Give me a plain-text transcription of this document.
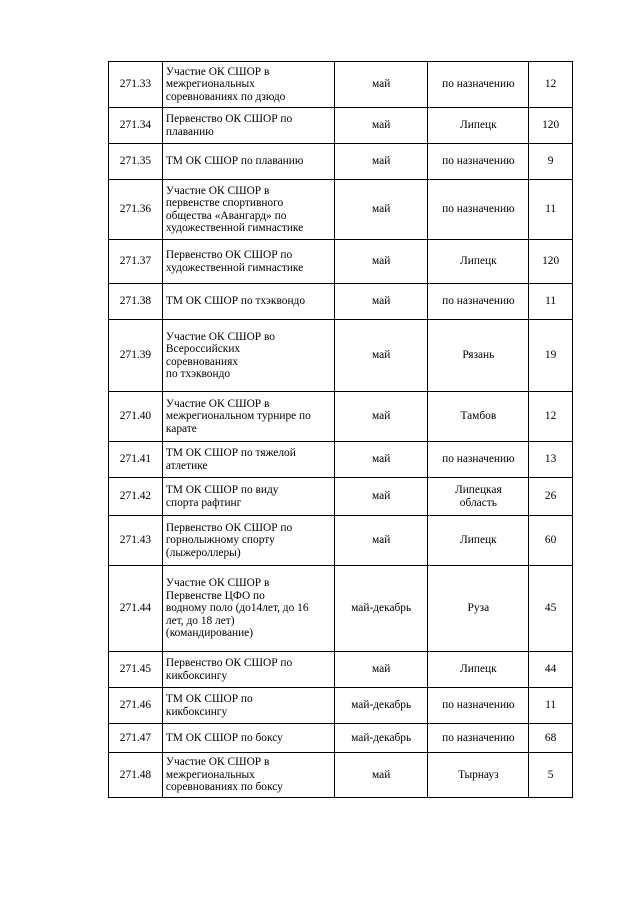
271.33	Участие ОК СШОР в
межрегиональных
соревнованиях по дзюдо	май	по назначению	12
271.34	Первенство ОК СШОР по
плаванию	май	Липецк	120
271.35	ТМ ОК СШОР по плаванию	май	по назначению	9
271.36	Участие ОК СШОР в
первенстве спортивного
общества «Авангард» по
художественной гимнастике	май	по назначению	11
271.37	Первенство ОК СШОР по
художественной гимнастике	май	Липецк	120
271.38	ТМ ОК СШОР по тхэквондо	май	по назначению	11
271.39	Участие ОК СШОР во
Всероссийских
соревнованиях
по тхэквондо	май	Рязань	19
271.40	Участие ОК СШОР в
межрегиональном турнире по
карате	май	Тамбов	12
271.41	ТМ ОК СШОР по тяжелой
атлетике	май	по назначению	13
271.42	ТМ ОК СШОР по виду
спорта рафтинг	май	Липецкая
область	26
271.43	Первенство ОК СШОР по
горнолыжному спорту
(лыжероллеры)	май	Липецк	60
271.44	Участие ОК СШОР в
Первенстве ЦФО по
водному поло (до14лет, до 16
лет, до 18 лет)
(командирование)	май-декабрь	Руза	45
271.45	Первенство ОК СШОР по
кикбоксингу	май	Липецк	44
271.46	ТМ ОК СШОР по
кикбоксингу	май-декабрь	по назначению	11
271.47	ТМ ОК СШОР по боксу	май-декабрь	по назначению	68
271.48	Участие ОК СШОР в
межрегиональных
соревнованиях по боксу	май	Тырнауз	5
